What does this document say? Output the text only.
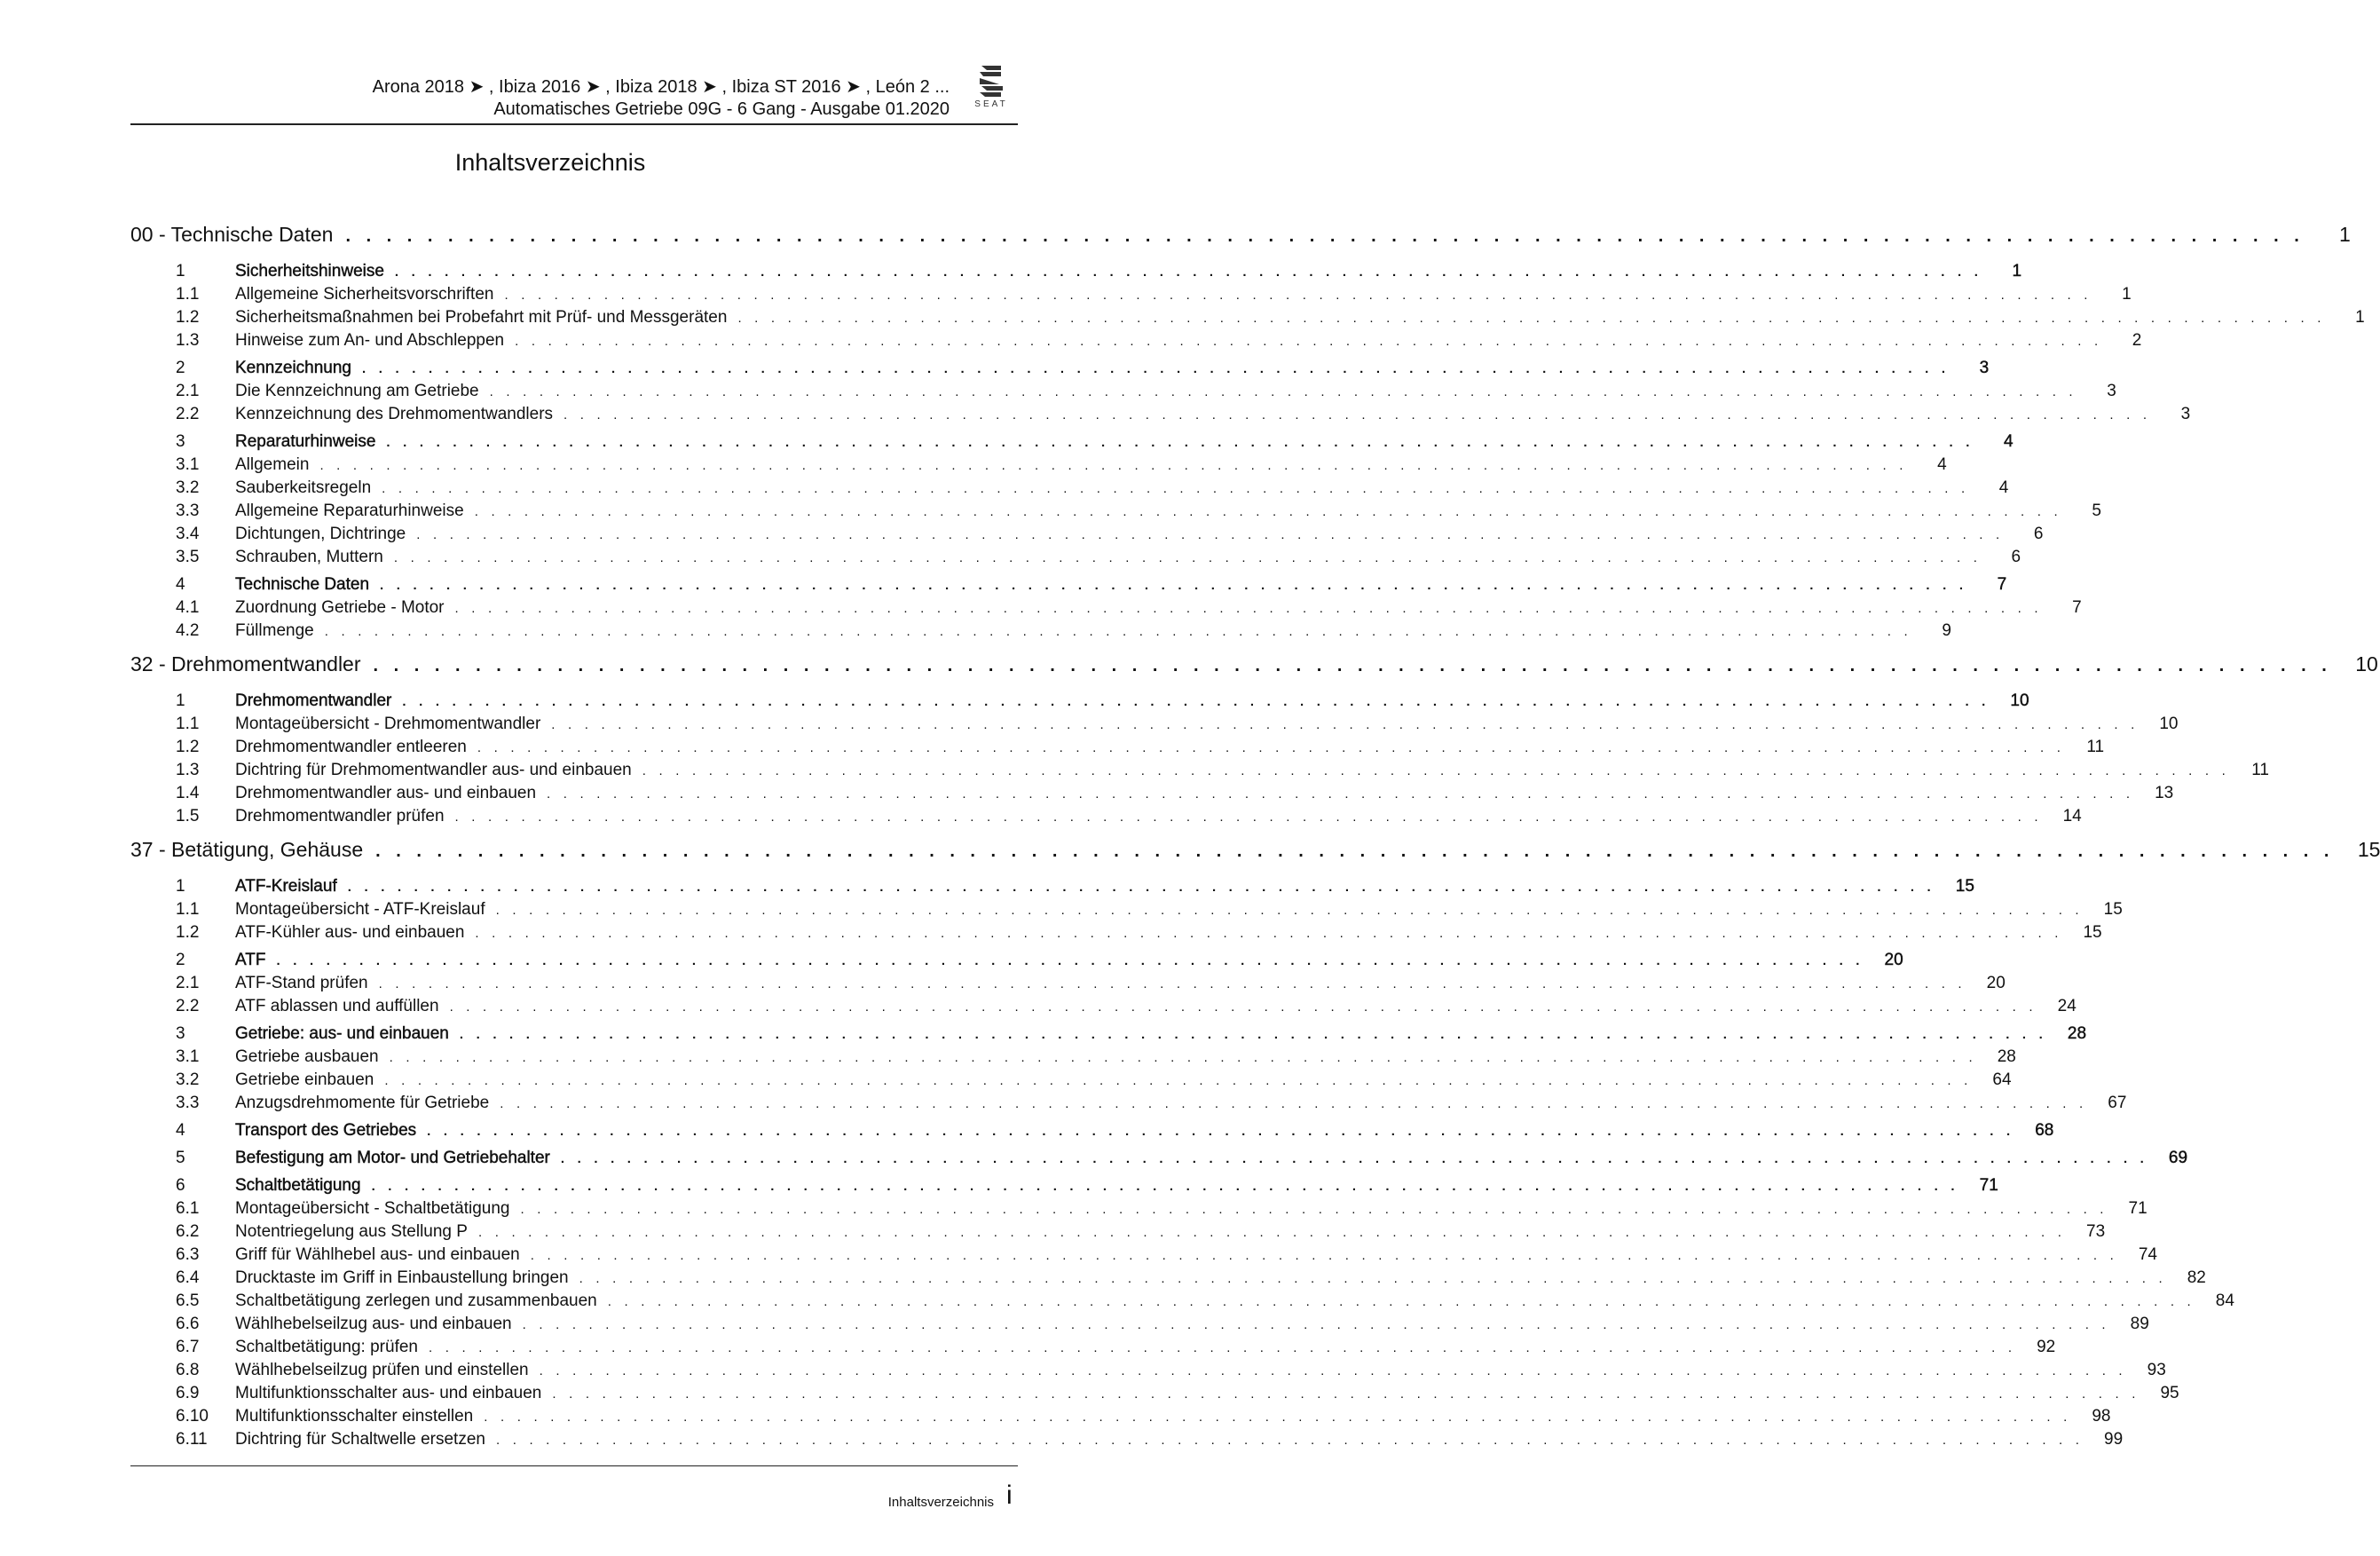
Arona 2018 ➤ , Ibiza 2016 ➤ , Ibiza 2018 ➤ , Ibiza ST 2016 ➤ , León 2 ...
Automatisches Getriebe 09G - 6 Gang - Ausgabe 01.2020	SEAT
Inhaltsverzeichnis
00 - Technische Daten . . . . . . . . . . . . . . . . . . . . . . . . . . . . . . . . . . . . . . . . . . . . . . . . . . . . . . . . . . . . . . . . . . . . . . . . . . . . . . . . . . . . . . . . . . . . . . . .	1
1	Sicherheitshinweise . . . . . . . . . . . . . . . . . . . . . . . . . . . . . . . . . . . . . . . . . . . . . . . . . . . . . . . . . . . . . . . . . . . . . . . . . . . . . . . . . . . . . . . . . . . . . . . .	1
1.1	Allgemeine Sicherheitsvorschriften . . . . . . . . . . . . . . . . . . . . . . . . . . . . . . . . . . . . . . . . . . . . . . . . . . . . . . . . . . . . . . . . . . . . . . . . . . . . . . . . . . . . . . . . . . . . . . . .	1
1.2	Sicherheitsmaßnahmen bei Probefahrt mit Prüf- und Messgeräten . . . . . . . . . . . . . . . . . . . . . . . . . . . . . . . . . . . . . . . . . . . . . . . . . . . . . . . . . . . . . . . . . . . . . . . . . . . . . . . . . . . . . . . . . . . . . . . .	1
1.3	Hinweise zum An- und Abschleppen . . . . . . . . . . . . . . . . . . . . . . . . . . . . . . . . . . . . . . . . . . . . . . . . . . . . . . . . . . . . . . . . . . . . . . . . . . . . . . . . . . . . . . . . . . . . . . . .	2
2	Kennzeichnung . . . . . . . . . . . . . . . . . . . . . . . . . . . . . . . . . . . . . . . . . . . . . . . . . . . . . . . . . . . . . . . . . . . . . . . . . . . . . . . . . . . . . . . . . . . . . . . .	3
2.1	Die Kennzeichnung am Getriebe . . . . . . . . . . . . . . . . . . . . . . . . . . . . . . . . . . . . . . . . . . . . . . . . . . . . . . . . . . . . . . . . . . . . . . . . . . . . . . . . . . . . . . . . . . . . . . . .	3
2.2	Kennzeichnung des Drehmomentwandlers . . . . . . . . . . . . . . . . . . . . . . . . . . . . . . . . . . . . . . . . . . . . . . . . . . . . . . . . . . . . . . . . . . . . . . . . . . . . . . . . . . . . . . . . . . . . . . . .	3
3	Reparaturhinweise . . . . . . . . . . . . . . . . . . . . . . . . . . . . . . . . . . . . . . . . . . . . . . . . . . . . . . . . . . . . . . . . . . . . . . . . . . . . . . . . . . . . . . . . . . . . . . . .	4
3.1	Allgemein . . . . . . . . . . . . . . . . . . . . . . . . . . . . . . . . . . . . . . . . . . . . . . . . . . . . . . . . . . . . . . . . . . . . . . . . . . . . . . . . . . . . . . . . . . . . . . . .	4
3.2	Sauberkeitsregeln . . . . . . . . . . . . . . . . . . . . . . . . . . . . . . . . . . . . . . . . . . . . . . . . . . . . . . . . . . . . . . . . . . . . . . . . . . . . . . . . . . . . . . . . . . . . . . . .	4
3.3	Allgemeine Reparaturhinweise . . . . . . . . . . . . . . . . . . . . . . . . . . . . . . . . . . . . . . . . . . . . . . . . . . . . . . . . . . . . . . . . . . . . . . . . . . . . . . . . . . . . . . . . . . . . . . . .	5
3.4	Dichtungen, Dichtringe . . . . . . . . . . . . . . . . . . . . . . . . . . . . . . . . . . . . . . . . . . . . . . . . . . . . . . . . . . . . . . . . . . . . . . . . . . . . . . . . . . . . . . . . . . . . . . . .	6
3.5	Schrauben, Muttern . . . . . . . . . . . . . . . . . . . . . . . . . . . . . . . . . . . . . . . . . . . . . . . . . . . . . . . . . . . . . . . . . . . . . . . . . . . . . . . . . . . . . . . . . . . . . . . .	6
4	Technische Daten . . . . . . . . . . . . . . . . . . . . . . . . . . . . . . . . . . . . . . . . . . . . . . . . . . . . . . . . . . . . . . . . . . . . . . . . . . . . . . . . . . . . . . . . . . . . . . . .	7
4.1	Zuordnung Getriebe - Motor . . . . . . . . . . . . . . . . . . . . . . . . . . . . . . . . . . . . . . . . . . . . . . . . . . . . . . . . . . . . . . . . . . . . . . . . . . . . . . . . . . . . . . . . . . . . . . . .	7
4.2	Füllmenge . . . . . . . . . . . . . . . . . . . . . . . . . . . . . . . . . . . . . . . . . . . . . . . . . . . . . . . . . . . . . . . . . . . . . . . . . . . . . . . . . . . . . . . . . . . . . . . .	9
32 - Drehmomentwandler . . . . . . . . . . . . . . . . . . . . . . . . . . . . . . . . . . . . . . . . . . . . . . . . . . . . . . . . . . . . . . . . . . . . . . . . . . . . . . . . . . . . . . . . . . . . . . . .	10
1	Drehmomentwandler . . . . . . . . . . . . . . . . . . . . . . . . . . . . . . . . . . . . . . . . . . . . . . . . . . . . . . . . . . . . . . . . . . . . . . . . . . . . . . . . . . . . . . . . . . . . . . . .	10
1.1	Montageübersicht - Drehmomentwandler . . . . . . . . . . . . . . . . . . . . . . . . . . . . . . . . . . . . . . . . . . . . . . . . . . . . . . . . . . . . . . . . . . . . . . . . . . . . . . . . . . . . . . . . . . . . . . . .	10
1.2	Drehmomentwandler entleeren . . . . . . . . . . . . . . . . . . . . . . . . . . . . . . . . . . . . . . . . . . . . . . . . . . . . . . . . . . . . . . . . . . . . . . . . . . . . . . . . . . . . . . . . . . . . . . . .	11
1.3	Dichtring für Drehmomentwandler aus- und einbauen . . . . . . . . . . . . . . . . . . . . . . . . . . . . . . . . . . . . . . . . . . . . . . . . . . . . . . . . . . . . . . . . . . . . . . . . . . . . . . . . . . . . . . . . . . . . . . . .	11
1.4	Drehmomentwandler aus- und einbauen . . . . . . . . . . . . . . . . . . . . . . . . . . . . . . . . . . . . . . . . . . . . . . . . . . . . . . . . . . . . . . . . . . . . . . . . . . . . . . . . . . . . . . . . . . . . . . . .	13
1.5	Drehmomentwandler prüfen . . . . . . . . . . . . . . . . . . . . . . . . . . . . . . . . . . . . . . . . . . . . . . . . . . . . . . . . . . . . . . . . . . . . . . . . . . . . . . . . . . . . . . . . . . . . . . . .	14
37 - Betätigung, Gehäuse . . . . . . . . . . . . . . . . . . . . . . . . . . . . . . . . . . . . . . . . . . . . . . . . . . . . . . . . . . . . . . . . . . . . . . . . . . . . . . . . . . . . . . . . . . . . . . . .	15
1	ATF-Kreislauf . . . . . . . . . . . . . . . . . . . . . . . . . . . . . . . . . . . . . . . . . . . . . . . . . . . . . . . . . . . . . . . . . . . . . . . . . . . . . . . . . . . . . . . . . . . . . . . .	15
1.1	Montageübersicht - ATF-Kreislauf . . . . . . . . . . . . . . . . . . . . . . . . . . . . . . . . . . . . . . . . . . . . . . . . . . . . . . . . . . . . . . . . . . . . . . . . . . . . . . . . . . . . . . . . . . . . . . . .	15
1.2	ATF-Kühler aus- und einbauen . . . . . . . . . . . . . . . . . . . . . . . . . . . . . . . . . . . . . . . . . . . . . . . . . . . . . . . . . . . . . . . . . . . . . . . . . . . . . . . . . . . . . . . . . . . . . . . .	15
2	ATF . . . . . . . . . . . . . . . . . . . . . . . . . . . . . . . . . . . . . . . . . . . . . . . . . . . . . . . . . . . . . . . . . . . . . . . . . . . . . . . . . . . . . . . . . . . . . . . .	20
2.1	ATF-Stand prüfen . . . . . . . . . . . . . . . . . . . . . . . . . . . . . . . . . . . . . . . . . . . . . . . . . . . . . . . . . . . . . . . . . . . . . . . . . . . . . . . . . . . . . . . . . . . . . . . .	20
2.2	ATF ablassen und auffüllen . . . . . . . . . . . . . . . . . . . . . . . . . . . . . . . . . . . . . . . . . . . . . . . . . . . . . . . . . . . . . . . . . . . . . . . . . . . . . . . . . . . . . . . . . . . . . . . .	24
3	Getriebe: aus- und einbauen . . . . . . . . . . . . . . . . . . . . . . . . . . . . . . . . . . . . . . . . . . . . . . . . . . . . . . . . . . . . . . . . . . . . . . . . . . . . . . . . . . . . . . . . . . . . . . . .	28
3.1	Getriebe ausbauen . . . . . . . . . . . . . . . . . . . . . . . . . . . . . . . . . . . . . . . . . . . . . . . . . . . . . . . . . . . . . . . . . . . . . . . . . . . . . . . . . . . . . . . . . . . . . . . .	28
3.2	Getriebe einbauen . . . . . . . . . . . . . . . . . . . . . . . . . . . . . . . . . . . . . . . . . . . . . . . . . . . . . . . . . . . . . . . . . . . . . . . . . . . . . . . . . . . . . . . . . . . . . . . .	64
3.3	Anzugsdrehmomente für Getriebe . . . . . . . . . . . . . . . . . . . . . . . . . . . . . . . . . . . . . . . . . . . . . . . . . . . . . . . . . . . . . . . . . . . . . . . . . . . . . . . . . . . . . . . . . . . . . . . .	67
4	Transport des Getriebes . . . . . . . . . . . . . . . . . . . . . . . . . . . . . . . . . . . . . . . . . . . . . . . . . . . . . . . . . . . . . . . . . . . . . . . . . . . . . . . . . . . . . . . . . . . . . . . .	68
5	Befestigung am Motor- und Getriebehalter . . . . . . . . . . . . . . . . . . . . . . . . . . . . . . . . . . . . . . . . . . . . . . . . . . . . . . . . . . . . . . . . . . . . . . . . . . . . . . . . . . . . . . . . . . . . . . . .	69
6	Schaltbetätigung . . . . . . . . . . . . . . . . . . . . . . . . . . . . . . . . . . . . . . . . . . . . . . . . . . . . . . . . . . . . . . . . . . . . . . . . . . . . . . . . . . . . . . . . . . . . . . . .	71
6.1	Montageübersicht - Schaltbetätigung . . . . . . . . . . . . . . . . . . . . . . . . . . . . . . . . . . . . . . . . . . . . . . . . . . . . . . . . . . . . . . . . . . . . . . . . . . . . . . . . . . . . . . . . . . . . . . . .	71
6.2	Notentriegelung aus Stellung P . . . . . . . . . . . . . . . . . . . . . . . . . . . . . . . . . . . . . . . . . . . . . . . . . . . . . . . . . . . . . . . . . . . . . . . . . . . . . . . . . . . . . . . . . . . . . . . .	73
6.3	Griff für Wählhebel aus- und einbauen . . . . . . . . . . . . . . . . . . . . . . . . . . . . . . . . . . . . . . . . . . . . . . . . . . . . . . . . . . . . . . . . . . . . . . . . . . . . . . . . . . . . . . . . . . . . . . . .	74
6.4	Drucktaste im Griff in Einbaustellung bringen . . . . . . . . . . . . . . . . . . . . . . . . . . . . . . . . . . . . . . . . . . . . . . . . . . . . . . . . . . . . . . . . . . . . . . . . . . . . . . . . . . . . . . . . . . . . . . . .	82
6.5	Schaltbetätigung zerlegen und zusammenbauen . . . . . . . . . . . . . . . . . . . . . . . . . . . . . . . . . . . . . . . . . . . . . . . . . . . . . . . . . . . . . . . . . . . . . . . . . . . . . . . . . . . . . . . . . . . . . . . .	84
6.6	Wählhebelseilzug aus- und einbauen . . . . . . . . . . . . . . . . . . . . . . . . . . . . . . . . . . . . . . . . . . . . . . . . . . . . . . . . . . . . . . . . . . . . . . . . . . . . . . . . . . . . . . . . . . . . . . . .	89
6.7	Schaltbetätigung: prüfen . . . . . . . . . . . . . . . . . . . . . . . . . . . . . . . . . . . . . . . . . . . . . . . . . . . . . . . . . . . . . . . . . . . . . . . . . . . . . . . . . . . . . . . . . . . . . . . .	92
6.8	Wählhebelseilzug prüfen und einstellen . . . . . . . . . . . . . . . . . . . . . . . . . . . . . . . . . . . . . . . . . . . . . . . . . . . . . . . . . . . . . . . . . . . . . . . . . . . . . . . . . . . . . . . . . . . . . . . .	93
6.9	Multifunktionsschalter aus- und einbauen . . . . . . . . . . . . . . . . . . . . . . . . . . . . . . . . . . . . . . . . . . . . . . . . . . . . . . . . . . . . . . . . . . . . . . . . . . . . . . . . . . . . . . . . . . . . . . . .	95
6.10	Multifunktionsschalter einstellen . . . . . . . . . . . . . . . . . . . . . . . . . . . . . . . . . . . . . . . . . . . . . . . . . . . . . . . . . . . . . . . . . . . . . . . . . . . . . . . . . . . . . . . . . . . . . . . .	98
6.11	Dichtring für Schaltwelle ersetzen . . . . . . . . . . . . . . . . . . . . . . . . . . . . . . . . . . . . . . . . . . . . . . . . . . . . . . . . . . . . . . . . . . . . . . . . . . . . . . . . . . . . . . . . . . . . . . . .	99
Inhaltsverzeichnis i
